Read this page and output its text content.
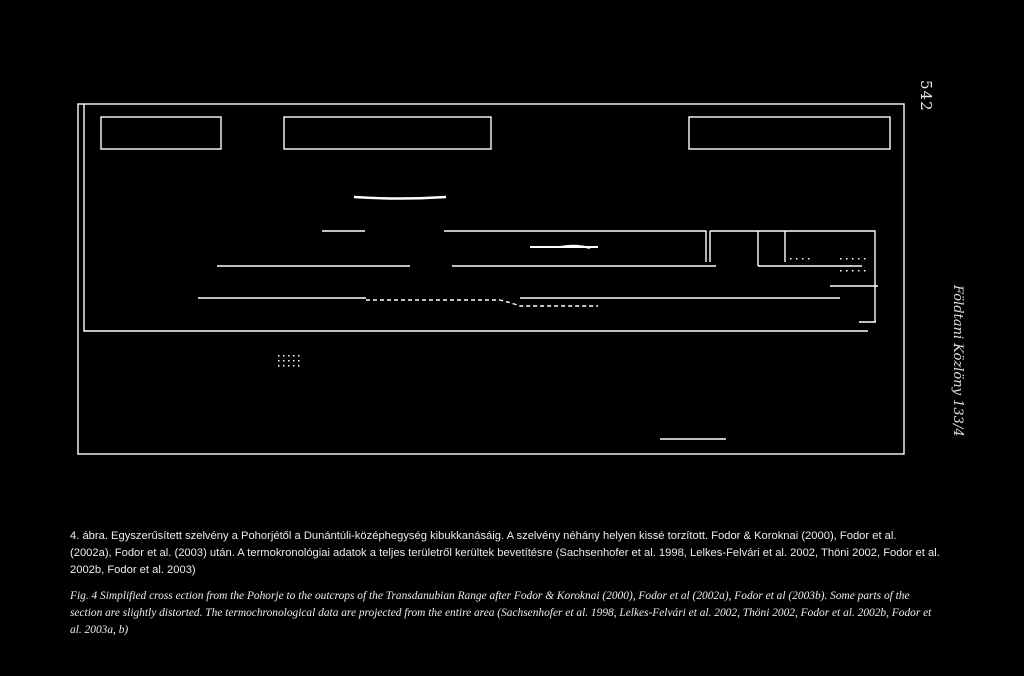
542
Földtani Közlöny 133/4

4. ábra. Egyszerűsített szelvény a Pohorjétől a Dunántúli-középhegység kibukkanásáig. A szelvény néhány helyen kissé torzított. Fodor & Koroknai (2000), Fodor et al. (2002a), Fodor et al. (2003) után. A termokronológiai adatok a teljes területről kerültek bevetítésre (Sachsenhofer et al. 1998, Lelkes-Felvári et al. 2002, Thöni 2002, Fodor et al. 2002b, Fodor et al. 2003)

Fig. 4 Simplified cross ection from the Pohorje to the outcrops of the Transdanubian Range after Fodor & Koroknai (2000), Fodor et al (2002a), Fodor et al (2003b). Some parts of the section are slightly distorted. The termochronological data are projected from the entire area (Sachsenhofer et al. 1998, Lelkes-Felvári et al. 2002, Thöni 2002, Fodor et al. 2002b, Fodor et al. 2003a, b)
